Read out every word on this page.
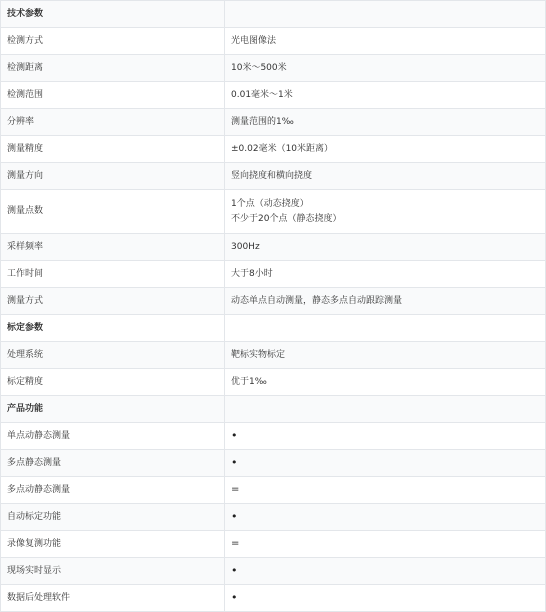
技术参数	
检测方式	光电图像法
检测距离	10米～500米
检测范围	0.01毫米～1米
分辨率	测量范围的1‰
测量精度	±0.02毫米（10米距离）
测量方向	竖向挠度和横向挠度
测量点数	1个点（动态挠度）
不少于20个点（静态挠度）

采样频率	300Hz
工作时间	大于8小时
测量方式	动态单点自动测量，静态多点自动跟踪测量
标定参数	
处理系统	靶标实物标定
标定精度	优于1‰
产品功能	
单点动静态测量	•
多点静态测量	•
多点动静态测量	=
自动标定功能	•
录像复测功能	=
现场实时显示	•
数据后处理软件	•
